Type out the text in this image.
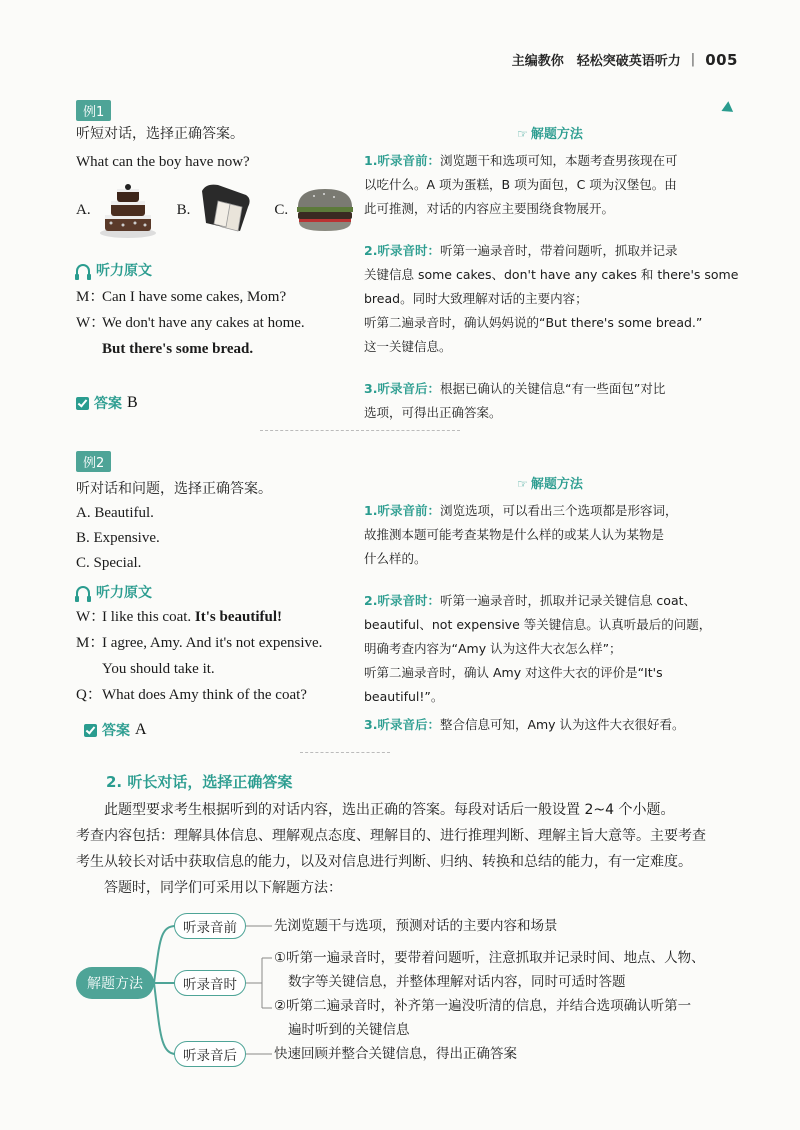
主编教你　轻松突破英语听力 | 005
例1
听短对话，选择正确答案。
What can the boy have now?
A.	B.	C.
听力原文
M：
Can I have some cakes, Mom?
W：
We don't have any cakes at home.
But there's some bread.
答案 B
☞ 解题方法
1.听录音前：浏览题干和选项可知，本题考查男孩现在可
以吃什么。A 项为蛋糕，B 项为面包，C 项为汉堡包。由
此可推测，对话的内容应主要围绕食物展开。
2.听录音时：听第一遍录音时，带着问题听，抓取并记录
关键信息 some cakes、don't have any cakes 和 there's some
bread。同时大致理解对话的主要内容；
听第二遍录音时，确认妈妈说的“But there's some bread.”
这一关键信息。
3.听录音后：根据已确认的关键信息“有一些面包”对比
选项，可得出正确答案。
例2
听对话和问题，选择正确答案。
A. Beautiful.
B. Expensive.
C. Special.
听力原文
W：
I like this coat.
It's beautiful!
M：
I agree, Amy. And it's not expensive.
You should take it.
Q： What does Amy think of the coat?
答案 A
☞ 解题方法
1.听录音前：浏览选项，可以看出三个选项都是形容词，
故推测本题可能考查某物是什么样的或某人认为某物是
什么样的。
2.听录音时：听第一遍录音时，抓取并记录关键信息 coat、
beautiful、not expensive 等关键信息。认真听最后的问题，
明确考查内容为“Amy 认为这件大衣怎么样”；
听第二遍录音时，确认 Amy 对这件大衣的评价是“It's
beautiful!”。
3.听录音后：整合信息可知，Amy 认为这件大衣很好看。
2. 听长对话，选择正确答案
此题型要求考生根据听到的对话内容，选出正确的答案。每段对话后一般设置 2~4 个小题。
考查内容包括：理解具体信息、理解观点态度、理解目的、进行推理判断、理解主旨大意等。主要考查
考生从较长对话中获取信息的能力，以及对信息进行判断、归纳、转换和总结的能力，有一定难度。
答题时，同学们可采用以下解题方法：
解题方法
听录音前
听录音时
听录音后
先浏览题干与选项，预测对话的主要内容和场景
①听第一遍录音时，要带着问题听，注意抓取并记录时间、地点、人物、
数字等关键信息，并整体理解对话内容，同时可适时答题
②听第二遍录音时，补齐第一遍没听清的信息，并结合选项确认听第一
遍时听到的关键信息
快速回顾并整合关键信息，得出正确答案
